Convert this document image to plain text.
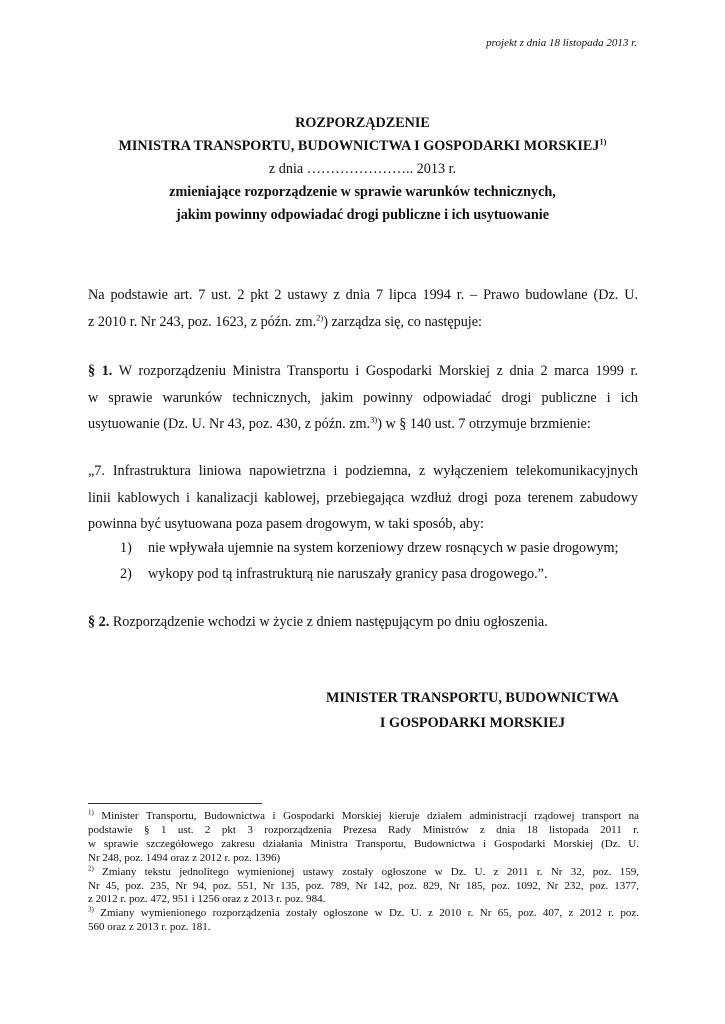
projekt z dnia 18 listopada 2013 r.
ROZPORZĄDZENIE
MINISTRA TRANSPORTU, BUDOWNICTWA I GOSPODARKI MORSKIEJ$^{1)}$
z dnia ………………….. 2013 r.
zmieniające rozporządzenie w sprawie warunków technicznych,
jakim powinny odpowiadać drogi publiczne i ich usytuowanie

Na podstawie art. 7 ust. 2 pkt 2 ustawy z dnia 7 lipca 1994 r. – Prawo budowlane (Dz. U.

z 2010 r. Nr 243, poz. 1623, z późn. zm.$^{2)}$) zarządza się, co następuje:

§ 1. W rozporządzeniu Ministra Transportu i Gospodarki Morskiej z dnia 2 marca 1999 r.

w sprawie warunków technicznych, jakim powinny odpowiadać drogi publiczne i ich

usytuowanie (Dz. U. Nr 43, poz. 430, z późn. zm.$^{3)}$) w § 140 ust. 7 otrzymuje brzmienie:

„7. Infrastruktura liniowa napowietrzna i podziemna, z wyłączeniem telekomunikacyjnych

linii kablowych i kanalizacji kablowej, przebiegająca wzdłuż drogi poza terenem zabudowy

powinna być usytuowana poza pasem drogowym, w taki sposób, aby:

1) nie wpływała ujemnie na system korzeniowy drzew rosnących w pasie drogowym;
2) wykopy pod tą infrastrukturą nie naruszały granicy pasa drogowego.”.

§ 2. Rozporządzenie wchodzi w życie z dniem następującym po dniu ogłoszenia.

MINISTER TRANSPORTU, BUDOWNICTWA
I GOSPODARKI MORSKIEJ

$^{1)}$ Minister Transportu, Budownictwa i Gospodarki Morskiej kieruje działem administracji rządowej transport na

podstawie § 1 ust. 2 pkt 3 rozporządzenia Prezesa Rady Ministrów z dnia 18 listopada 2011 r.

w sprawie szczegółowego zakresu działania Ministra Transportu, Budownictwa i Gospodarki Morskiej (Dz. U.

Nr 248, poz. 1494 oraz z 2012 r. poz. 1396)

$^{2)}$ Zmiany tekstu jednolitego wymienionej ustawy zostały ogłoszone w Dz. U. z 2011 r. Nr 32, poz. 159,

Nr 45, poz. 235, Nr 94, poz. 551, Nr 135, poz. 789, Nr 142, poz. 829, Nr 185, poz. 1092, Nr 232, poz. 1377,

z 2012 r. poz. 472, 951 i 1256 oraz z 2013 r. poz. 984.

$^{3)}$ Zmiany wymienionego rozporządzenia zostały ogłoszone w Dz. U. z 2010 r. Nr 65, poz. 407, z 2012 r. poz.

560 oraz z 2013 r. poz. 181.
